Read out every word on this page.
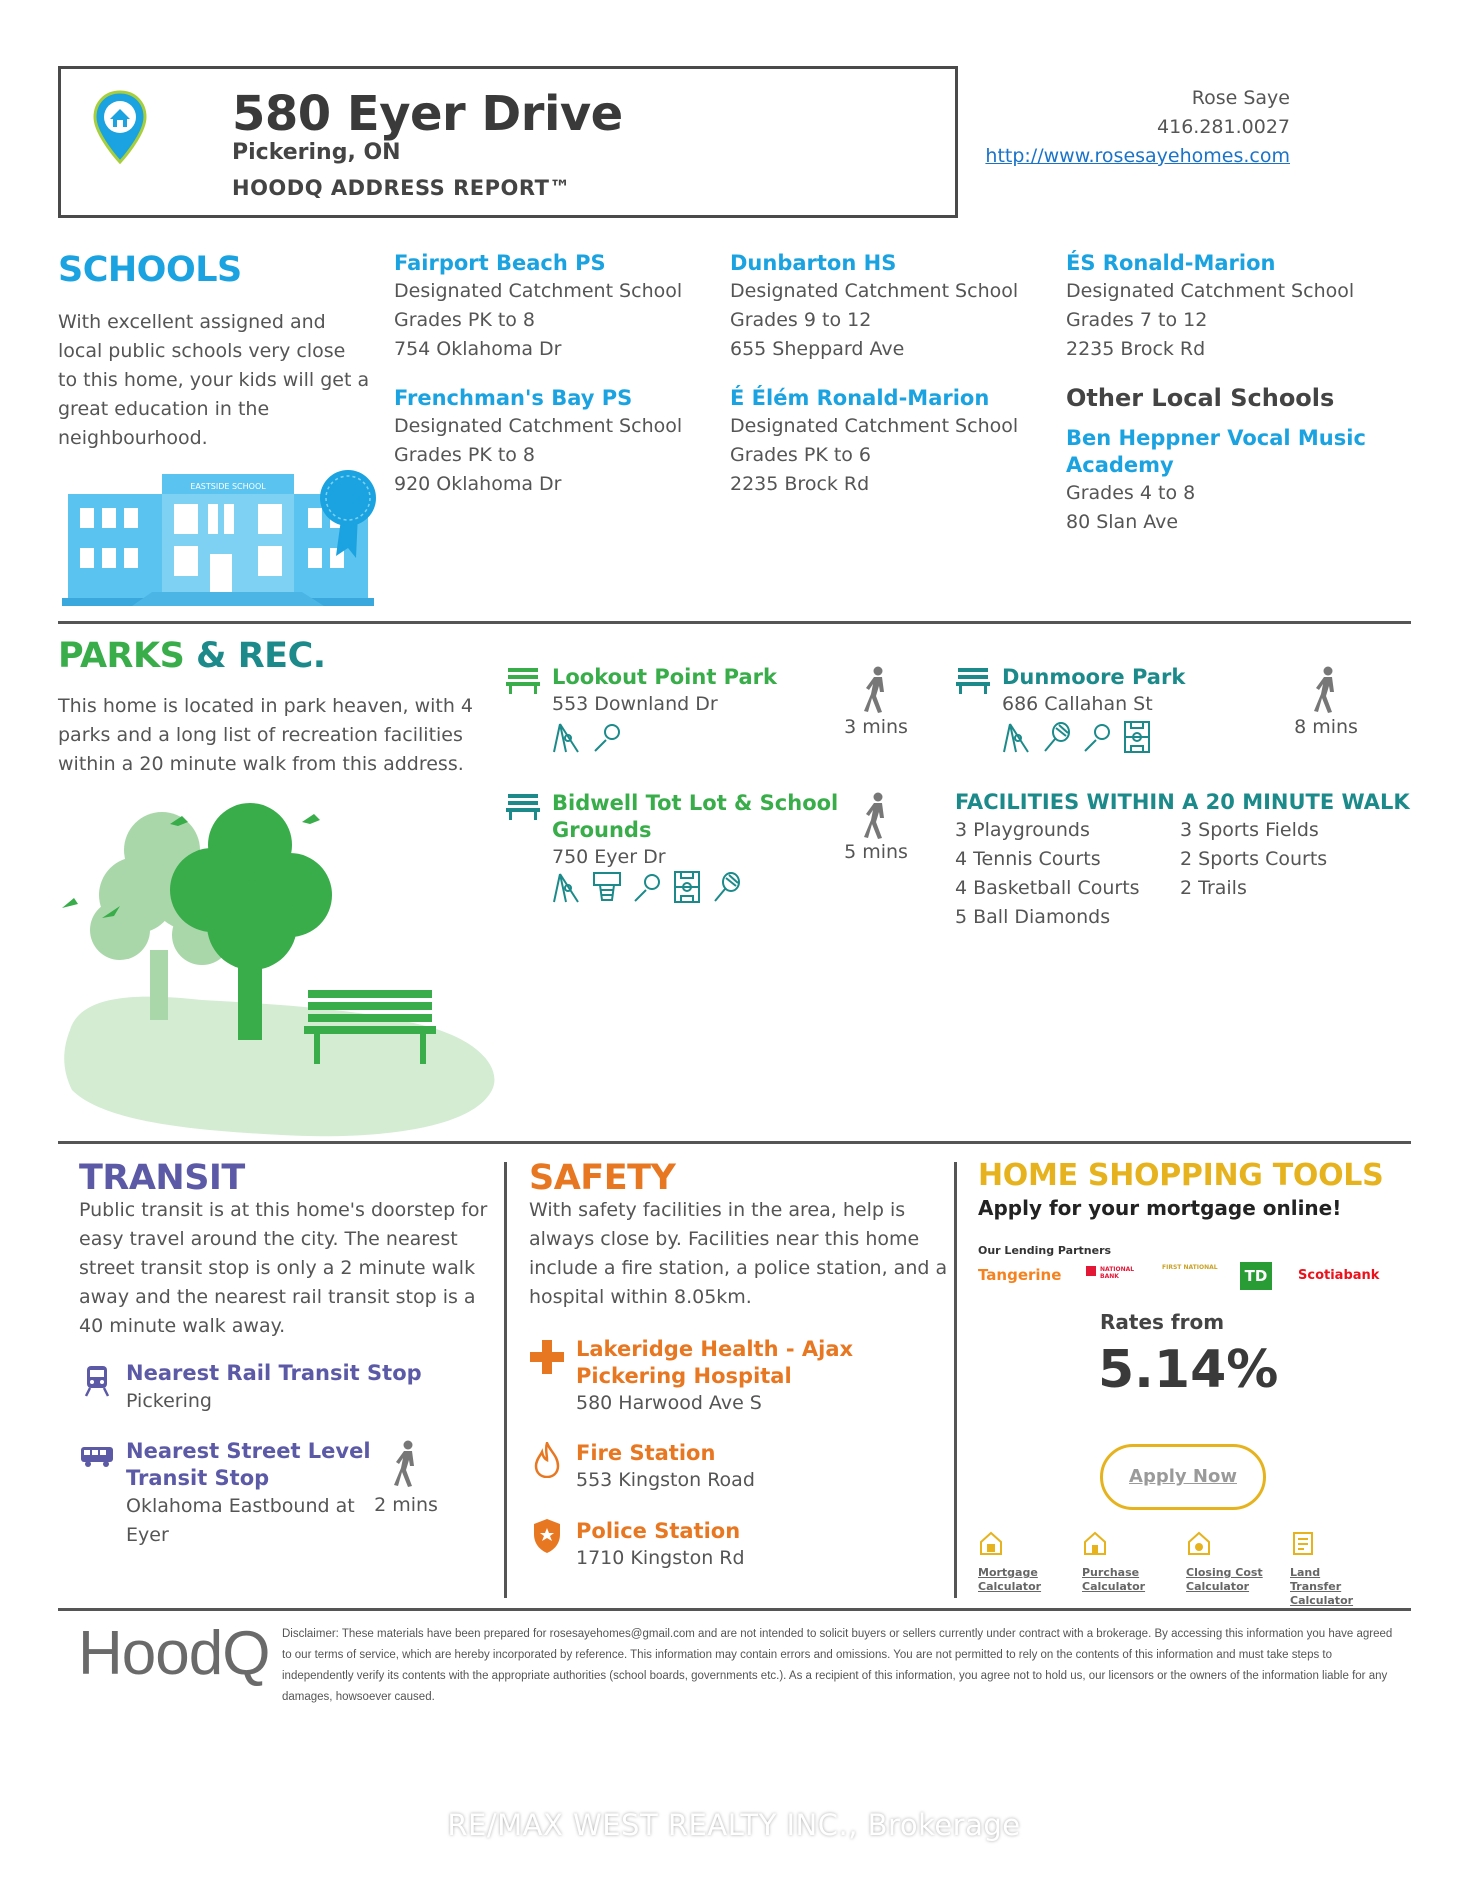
580 Eyer Drive
Pickering, ON
HOODQ ADDRESS REPORT™
Rose Saye
416.281.0027
http://www.rosesayehomes.com
SCHOOLS
With excellent assigned and local public schools very close to this home, your kids will get a great education in the neighbourhood.
EASTSIDE SCHOOL
Fairport Beach PS
Designated Catchment School
Grades PK to 8
754 Oklahoma Dr
Frenchman's Bay PS
Designated Catchment School
Grades PK to 8
920 Oklahoma Dr
Dunbarton HS
Designated Catchment School
Grades 9 to 12
655 Sheppard Ave
É Élém Ronald-Marion
Designated Catchment School
Grades PK to 6
2235 Brock Rd
ÉS Ronald-Marion
Designated Catchment School
Grades 7 to 12
2235 Brock Rd
Other Local Schools
Ben Heppner Vocal Music
Academy
Grades 4 to 8
80 Slan Ave
PARKS & REC.
This home is located in park heaven, with 4 parks and a long list of recreation facilities within a 20 minute walk from this address.
Lookout Point Park
553 Downland Dr
3 mins
Dunmoore Park
686 Callahan St
8 mins
Bidwell Tot Lot & School
Grounds
750 Eyer Dr	5 mins
FACILITIES WITHIN A 20 MINUTE WALK
3 Playgrounds
4 Tennis Courts
4 Basketball Courts
5 Ball Diamonds
3 Sports Fields
2 Sports Courts
2 Trails
TRANSIT
Public transit is at this home's doorstep for easy travel around the city. The nearest street transit stop is only a 2 minute walk away and the nearest rail transit stop is a 40 minute walk away.
Nearest Rail Transit Stop
Pickering
Nearest Street Level
Transit Stop
Oklahoma Eastbound at
Eyer
2 mins
SAFETY
With safety facilities in the area, help is always close by. Facilities near this home include a fire station, a police station, and a hospital within 8.05km.
Lakeridge Health - Ajax
Pickering Hospital
580 Harwood Ave S
Fire Station
553 Kingston Road
Police Station
1710 Kingston Rd
HOME SHOPPING TOOLS
Apply for your mortgage online!
Our Lending Partners
Tangerine	NATIONAL BANK
FIRST NATIONAL	TD	Scotiabank
Rates from
5.14%
Apply Now
Mortgage
Calculator
Purchase
Calculator
Closing Cost
Calculator
Land Transfer
Calculator
HoodQ Disclaimer: These materials have been prepared for rosesayehomes@gmail.com and are not intended to solicit buyers or sellers currently under contract with a brokerage. By accessing this information you have agreed to our terms of service, which are hereby incorporated by reference. This information may contain errors and omissions. You are not permitted to rely on the contents of this information and must take steps to independently verify its contents with the appropriate authorities (school boards, governments etc.). As a recipient of this information, you agree not to hold us, our licensors or the owners of the information liable for any damages, howsoever caused.
RE/MAX WEST REALTY INC., Brokerage
